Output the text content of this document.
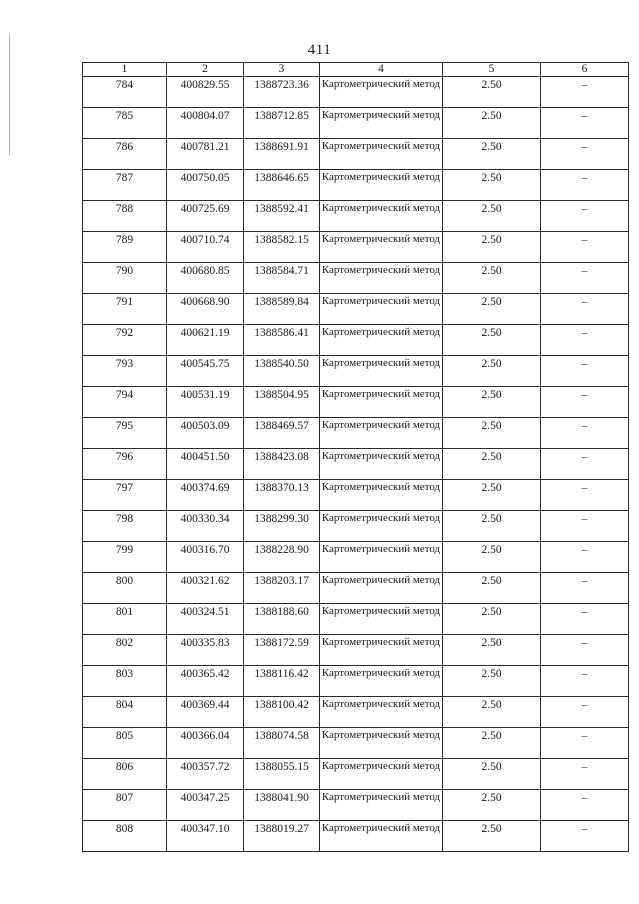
411
1	2	3	4	5	6
784	400829.55	1388723.36	Картометрический метод	2.50	–
785	400804.07	1388712.85	Картометрический метод	2.50	–
786	400781.21	1388691.91	Картометрический метод	2.50	–
787	400750.05	1388646.65	Картометрический метод	2.50	–
788	400725.69	1388592.41	Картометрический метод	2.50	–
789	400710.74	1388582.15	Картометрический метод	2.50	–
790	400680.85	1388584.71	Картометрический метод	2.50	–
791	400668.90	1388589.84	Картометрический метод	2.50	–
792	400621.19	1388586.41	Картометрический метод	2.50	–
793	400545.75	1388540.50	Картометрический метод	2.50	–
794	400531.19	1388504.95	Картометрический метод	2.50	–
795	400503.09	1388469.57	Картометрический метод	2.50	–
796	400451.50	1388423.08	Картометрический метод	2.50	–
797	400374.69	1388370.13	Картометрический метод	2.50	–
798	400330.34	1388299.30	Картометрический метод	2.50	–
799	400316.70	1388228.90	Картометрический метод	2.50	–
800	400321.62	1388203.17	Картометрический метод	2.50	–
801	400324.51	1388188.60	Картометрический метод	2.50	–
802	400335.83	1388172.59	Картометрический метод	2.50	–
803	400365.42	1388116.42	Картометрический метод	2.50	–
804	400369.44	1388100.42	Картометрический метод	2.50	–
805	400366.04	1388074.58	Картометрический метод	2.50	–
806	400357.72	1388055.15	Картометрический метод	2.50	–
807	400347.25	1388041.90	Картометрический метод	2.50	–
808	400347.10	1388019.27	Картометрический метод	2.50	–
